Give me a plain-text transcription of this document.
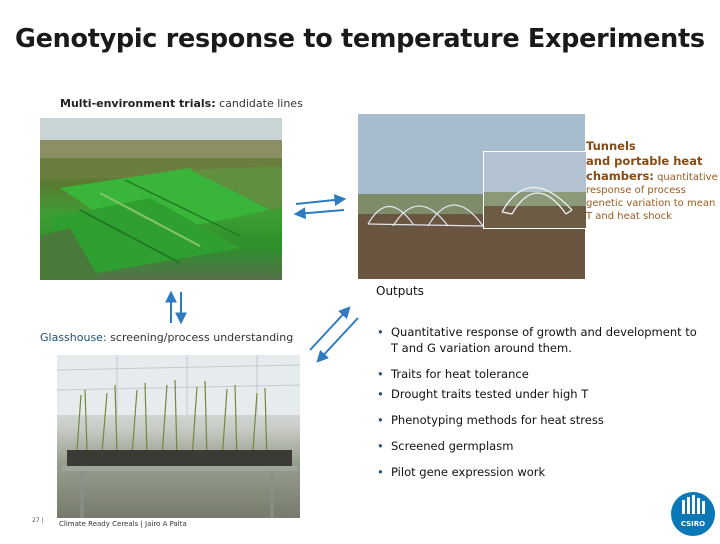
Genotypic response to temperature Experiments
Multi-environment trials: candidate lines
Tunnels
and portable heat
chambers: quantitative response of process genetic variation to mean T and heat shock
Outputs
Glasshouse: screening/process understanding
•	Quantitative response of growth and development to T and G variation around them.
• Traits for heat tolerance
• Drought traits tested under high T
• Phenotyping methods for heat stress
• Screened germplasm
• Pilot gene expression work
27 | Climate Ready Cereals | Jairo A Palta	CSIRO
